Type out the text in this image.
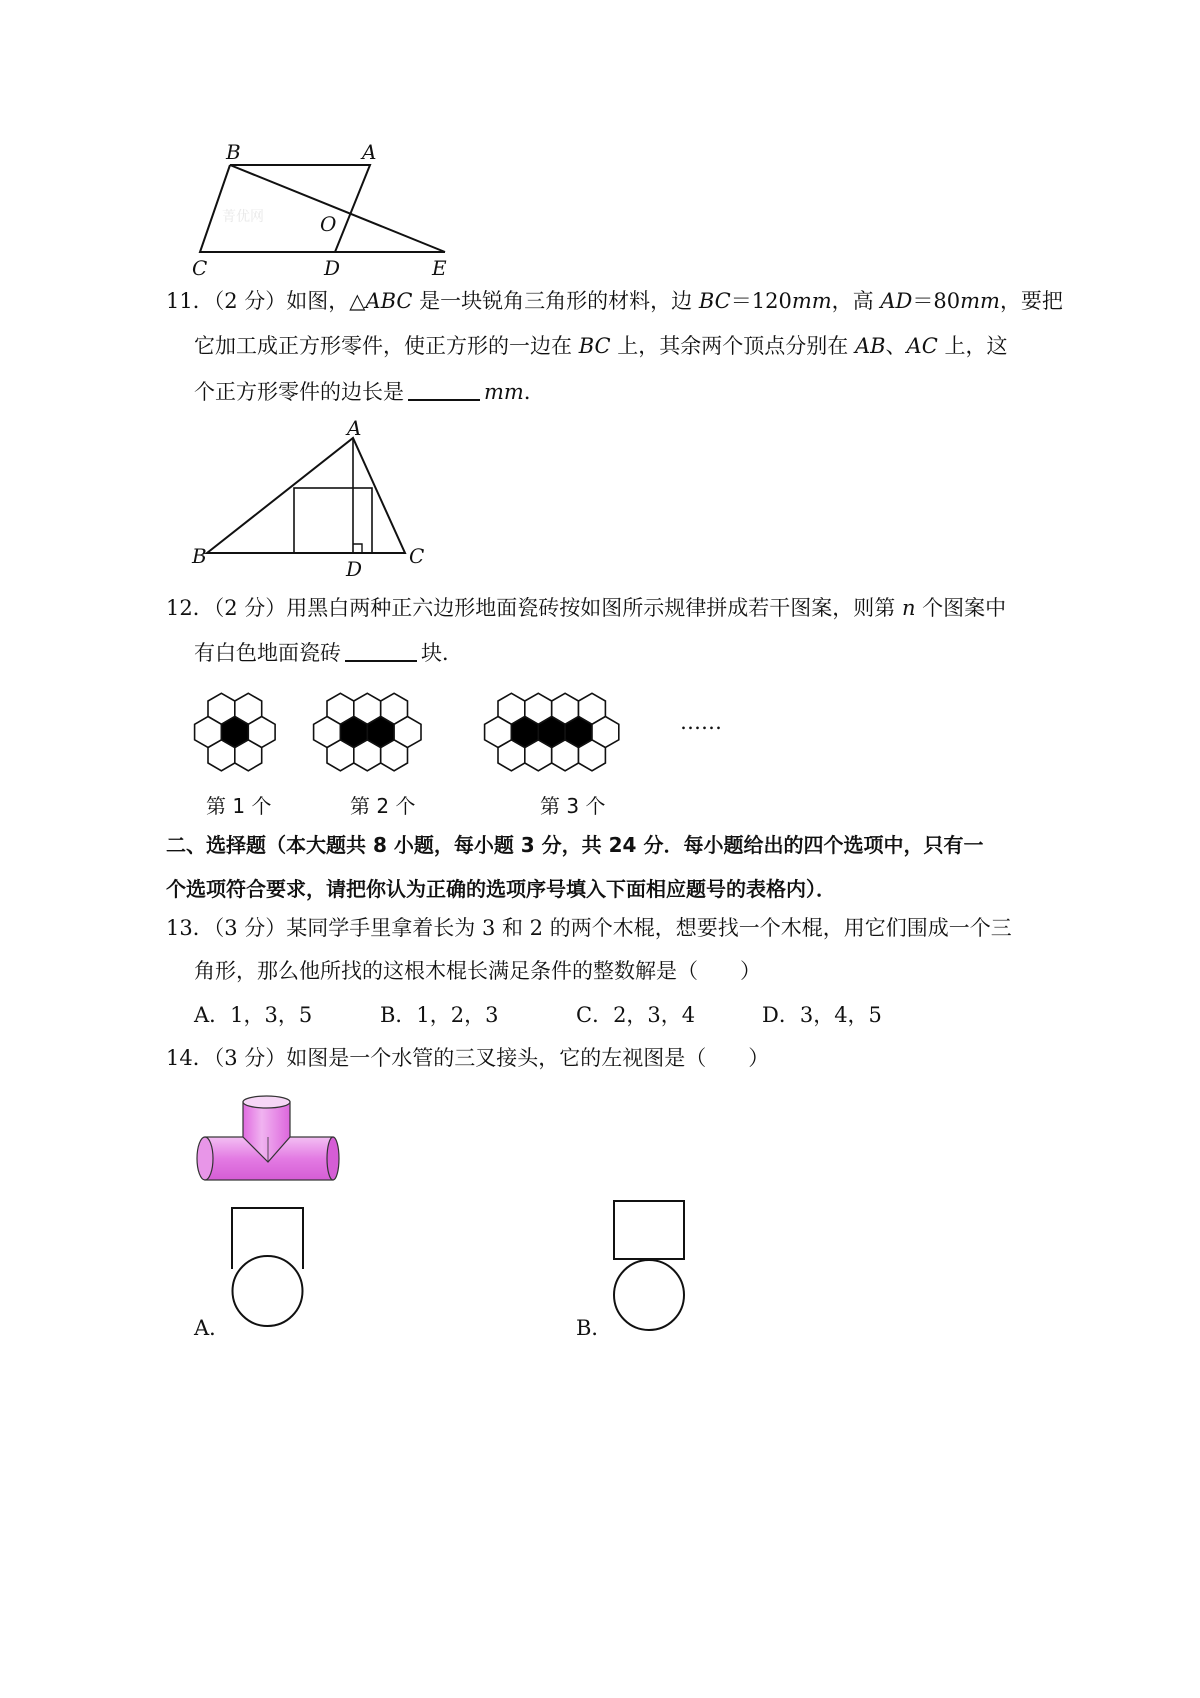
B	A
O
C	D	E
菁优网
11．（2 分）如图，△ABC 是一块锐角三角形的材料，边 BC＝120mm，高 AD＝80mm，要把
它加工成正方形零件，使正方形的一边在 BC 上，其余两个顶点分别在 AB、AC 上，这
个正方形零件的边长是	mm．
A
B	C
D
12．（2 分）用黑白两种正六边形地面瓷砖按如图所示规律拼成若干图案，则第 n 个图案中
有白色地面瓷砖	块．
……
第 1 个	第 2 个	第 3 个
二、选择题（本大题共 8 小题，每小题 3 分，共 24 分．每小题给出的四个选项中，只有一
个选项符合要求，请把你认为正确的选项序号填入下面相应题号的表格内）．
13．（3 分）某同学手里拿着长为 3 和 2 的两个木棍，想要找一个木棍，用它们围成一个三
角形，那么他所找的这根木棍长满足条件的整数解是（　　）
A．1，3，5	B．1，2，3	C．2，3，4	D．3，4，5
14．（3 分）如图是一个水管的三叉接头，它的左视图是（　　）
A．	B．
